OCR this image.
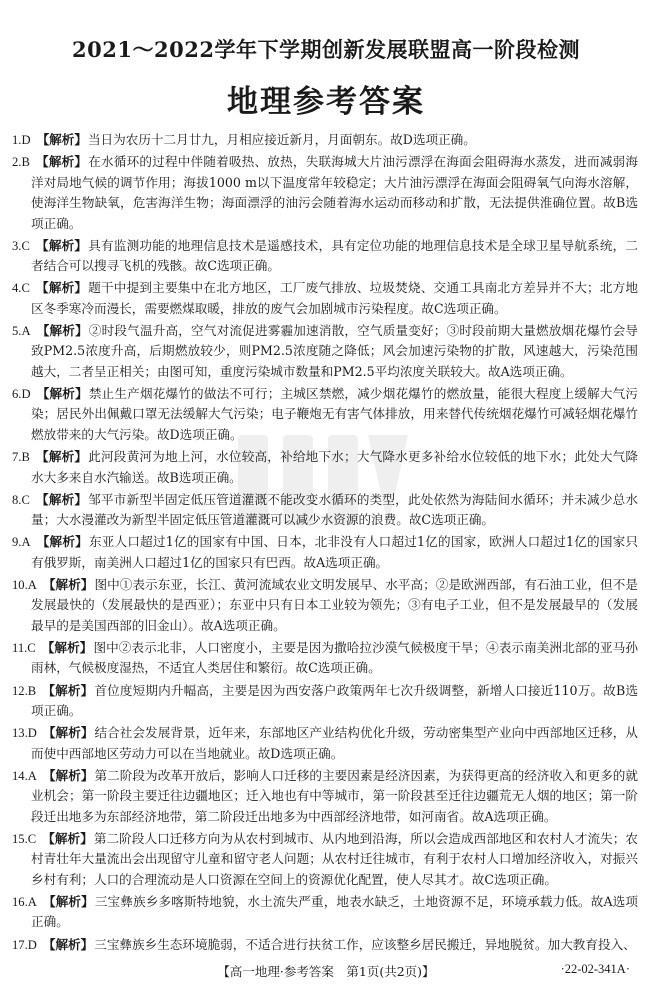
2021～2022学年下学期创新发展联盟高一阶段检测
地理参考答案

1.D 【解析】当日为农历十二月廿九，月相应接近新月，月面朝东。故D选项正确。

2.B 【解析】在水循环的过程中伴随着吸热、放热，失联海城大片油污漂浮在海面会阻碍海水蒸发，进而减弱海洋对局地气候的调节作用；海拔1000 m以下温度常年较稳定；大片油污漂浮在海面会阻碍氧气向海水溶解，使海洋生物缺氧，危害海洋生物；海面漂浮的油污会随着海水运动而移动和扩散，无法提供淮确位置。故B选项正确。

3.C 【解析】具有监测功能的地理信息技术是遥感技术，具有定位功能的地理信息技术是全球卫星导航系统，二者结合可以搜寻飞机的残骸。故C选项正确。

4.C 【解析】题干中提到主要集中在北方地区，工厂废气排放、垃圾焚烧、交通工具南北方差异并不大；北方地区冬季寒冷而漫长，需要燃煤取暖，排放的废气会加剧城市污染程度。故C选项正确。

5.A 【解析】②时段气温升高，空气对流促进雾霾加速消散，空气质量变好；③时段前期大量燃放烟花爆竹会导致PM2.5浓度升高，后期燃放较少，则PM2.5浓度随之降低；风会加速污染物的扩散，风速越大，污染范围越大，二者呈正相关；由图可知，重度污染城市数量和PM2.5平均浓度关联较大。故A选项正确。

6.D 【解析】禁止生产烟花爆竹的做法不可行；主城区禁燃，减少烟花爆竹的燃放量，能很大程度上缓解大气污染；居民外出佩戴口罩无法缓解大气污染；电子鞭炮无有害气体排放，用来替代传统烟花爆竹可减轻烟花爆竹燃放带来的大气污染。故D选项正确。

7.B 【解析】此河段黄河为地上河，水位较高，补给地下水；大气降水更多补给水位较低的地下水；此处大气降水大多来自水汽输送。故B选项正确。

8.C 【解析】邹平市新型半固定低压管道灌溉不能改变水循环的类型，此处依然为海陆间水循环；并未减少总水量；大水漫灌改为新型半固定低压管道灌溉可以减少水资源的浪费。故C选项正确。

9.A 【解析】东亚人口超过1亿的国家有中国、日本，北非没有人口超过1亿的国家，欧洲人口超过1亿的国家只有俄罗斯，南美洲人口超过1亿的国家只有巴西。故A选项正确。

10.A 【解析】图中①表示东亚，长江、黄河流域农业文明发展早、水平高；②是欧洲西部，有石油工业，但不是发展最快的（发展最快的是西亚）；东亚中只有日本工业较为领先；③有电子工业，但不是发展最早的（发展最早的是美国西部的旧金山）。故A选项正确。

11.C 【解析】图中②表示北非，人口密度小，主要是因为撒哈拉沙漠气候极度干旱；④表示南美洲北部的亚马孙雨林，气候极度湿热，不适宜人类居住和繁衍。故C选项正确。

12.B 【解析】首位度短期内升幅高，主要是因为西安落户政策两年七次升级调整，新增人口接近110万。故B选项正确。

13.D 【解析】结合社会发展背景，近年来，东部地区产业结构优化升级，劳动密集型产业向中西部地区迁移，从而使中西部地区劳动力可以在当地就业。故D选项正确。

14.A 【解析】第二阶段为改革开放后，影响人口迁移的主要因素是经济因素，为获得更高的经济收入和更多的就业机会；第一阶段主要迁往边疆地区；迁入地也有中等城市，第一阶段甚至迁往边疆荒无人烟的地区；第一阶段迁出地多为东部经济地带，第二阶段迁出地多为中西部经济地带，如河南省。故A选项正确。

15.C 【解析】第二阶段人口迁移方向为从农村到城市、从内地到沿海，所以会造成西部地区和农村人才流失；农村青壮年大量流出会出现留守儿童和留守老人问题；从农村迁往城市，有利于农村人口增加经济收入，对振兴乡村有利；人口的合理流动是人口资源在空间上的资源优化配置，使人尽其才。故C选项正确。

16.A 【解析】三宝彝族乡多喀斯特地貌，水土流失严重，地表水缺乏，土地资源不足，环境承载力低。故A选项正确。

17.D 【解析】三宝彝族乡生态环境脆弱，不适合进行扶贫工作，应该整乡居民搬迁，异地脱贫。加大教育投入、

【高一地理·参考答案　第1页(共2页)】	·22-02-341A·
